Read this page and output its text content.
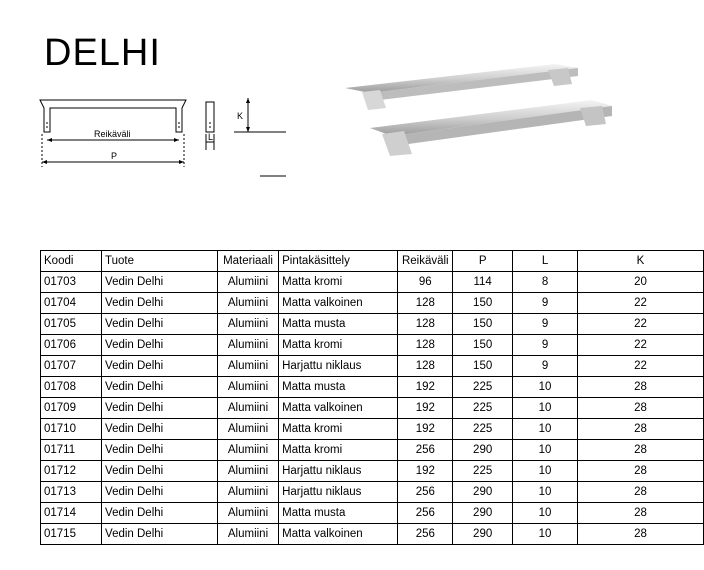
DELHI
Reikäväli
P
K
L
Koodi	Tuote	Materiaali	Pintakäsittely	Reikäväli	P	L	K
01703	Vedin Delhi	Alumiini	Matta kromi	96	114	8	20
01704	Vedin Delhi	Alumiini	Matta valkoinen	128	150	9	22
01705	Vedin Delhi	Alumiini	Matta musta	128	150	9	22
01706	Vedin Delhi	Alumiini	Matta kromi	128	150	9	22
01707	Vedin Delhi	Alumiini	Harjattu niklaus	128	150	9	22
01708	Vedin Delhi	Alumiini	Matta musta	192	225	10	28
01709	Vedin Delhi	Alumiini	Matta valkoinen	192	225	10	28
01710	Vedin Delhi	Alumiini	Matta kromi	192	225	10	28
01711	Vedin Delhi	Alumiini	Matta kromi	256	290	10	28
01712	Vedin Delhi	Alumiini	Harjattu niklaus	192	225	10	28
01713	Vedin Delhi	Alumiini	Harjattu niklaus	256	290	10	28
01714	Vedin Delhi	Alumiini	Matta musta	256	290	10	28
01715	Vedin Delhi	Alumiini	Matta valkoinen	256	290	10	28
